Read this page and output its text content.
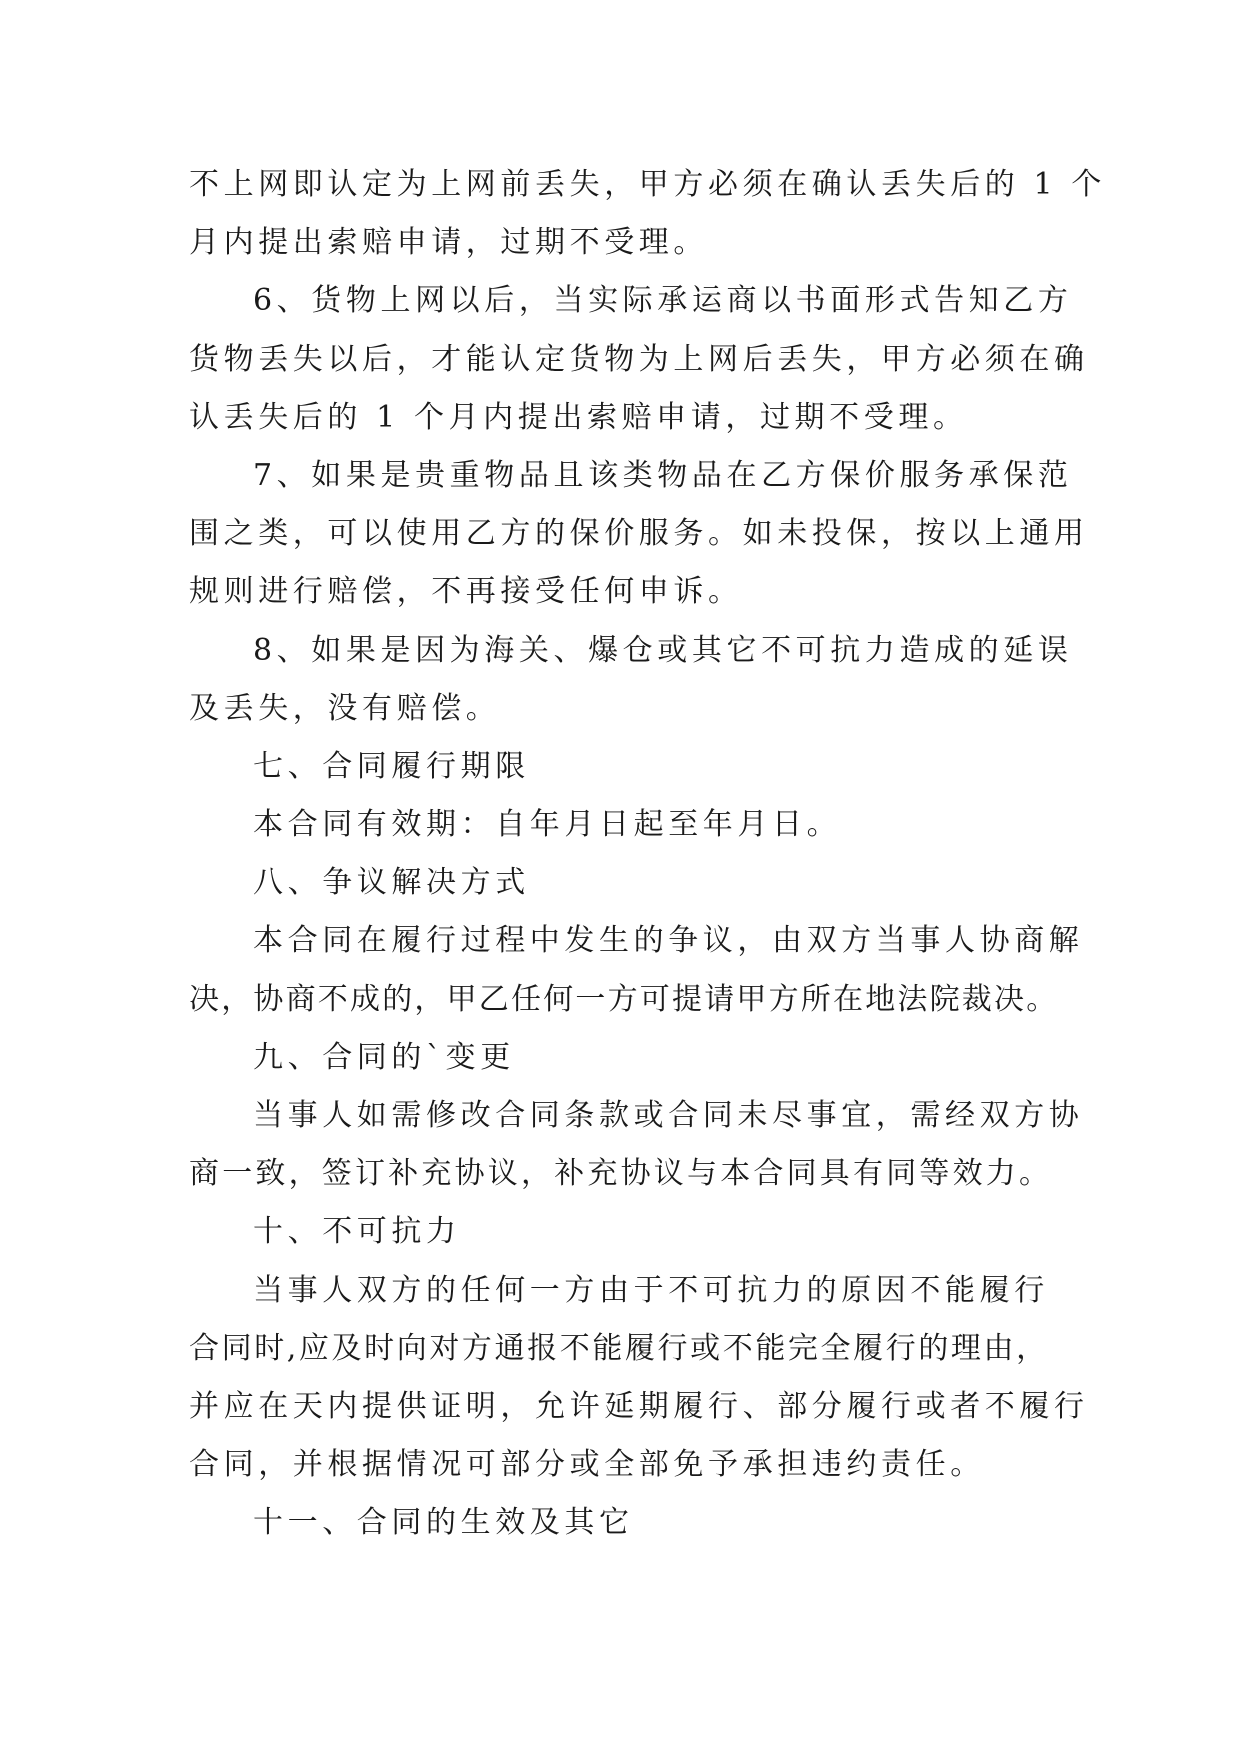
不上网即认定为上网前丢失，甲方必须在确认丢失后的 1 个
月内提出索赔申请，过期不受理。
6、货物上网以后，当实际承运商以书面形式告知乙方
货物丢失以后，才能认定货物为上网后丢失，甲方必须在确
认丢失后的 1 个月内提出索赔申请，过期不受理。
7、如果是贵重物品且该类物品在乙方保价服务承保范
围之类，可以使用乙方的保价服务。如未投保，按以上通用
规则进行赔偿，不再接受任何申诉。
8、如果是因为海关、爆仓或其它不可抗力造成的延误
及丢失，没有赔偿。
七、合同履行期限
本合同有效期：自年月日起至年月日。
八、争议解决方式
本合同在履行过程中发生的争议，由双方当事人协商解
决，协商不成的，甲乙任何一方可提请甲方所在地法院裁决。
九、合同的`变更
当事人如需修改合同条款或合同未尽事宜，需经双方协
商一致，签订补充协议，补充协议与本合同具有同等效力。
十、不可抗力
当事人双方的任何一方由于不可抗力的原因不能履行
合同时,应及时向对方通报不能履行或不能完全履行的理由，
并应在天内提供证明，允许延期履行、部分履行或者不履行
合同，并根据情况可部分或全部免予承担违约责任。
十一、合同的生效及其它
